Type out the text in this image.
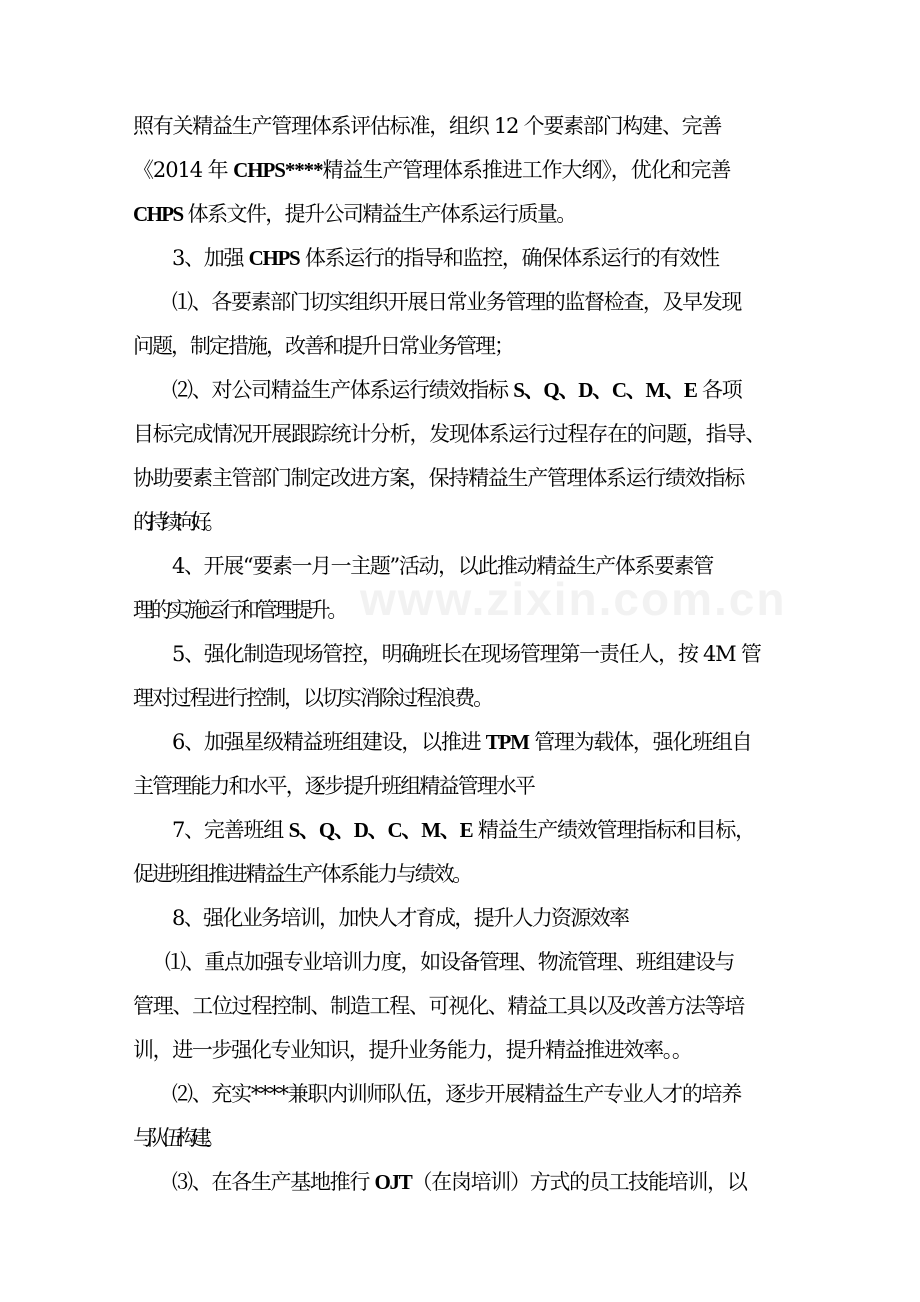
www.zixin.com.cn
照有关精益生产管理体系评估标准，组织 12 个要素部门构建、完善
《2014 年 CHPS****精益生产管理体系推进工作大纲》，优化和完善
CHPS 体系文件，提升公司精益生产体系运行质量。
3、加强 CHPS 体系运行的指导和监控，确保体系运行的有效性
⑴、各要素部门切实组织开展日常业务管理的监督检查，及早发现
问题，制定措施，改善和提升日常业务管理；
⑵、对公司精益生产体系运行绩效指标 S、Q、D、C、M、E 各项
目标完成情况开展跟踪统计分析，发现体系运行过程存在的问题，指导、
协助要素主管部门制定改进方案，保持精益生产管理体系运行绩效指标
的持续向好。
4、开展“要素一月一主题”活动，以此推动精益生产体系要素管
理的实施运行和管理提升。
5、强化制造现场管控，明确班长在现场管理第一责任人，按 4M 管
理对过程进行控制，以切实消除过程浪费。
6、加强星级精益班组建设，以推进 TPM 管理为载体，强化班组自
主管理能力和水平，逐步提升班组精益管理水平
7、完善班组 S、Q、D、C、M、E 精益生产绩效管理指标和目标，
促进班组推进精益生产体系能力与绩效。
8、强化业务培训，加快人才育成，提升人力资源效率
⑴、重点加强专业培训力度，如设备管理、物流管理、班组建设与
管理、工位过程控制、制造工程、可视化、精益工具以及改善方法等培
训，进一步强化专业知识，提升业务能力，提升精益推进效率。。
⑵、充实****兼职内训师队伍，逐步开展精益生产专业人才的培养
与队伍构建。
⑶、在各生产基地推行 OJT（在岗培训）方式的员工技能培训，以
